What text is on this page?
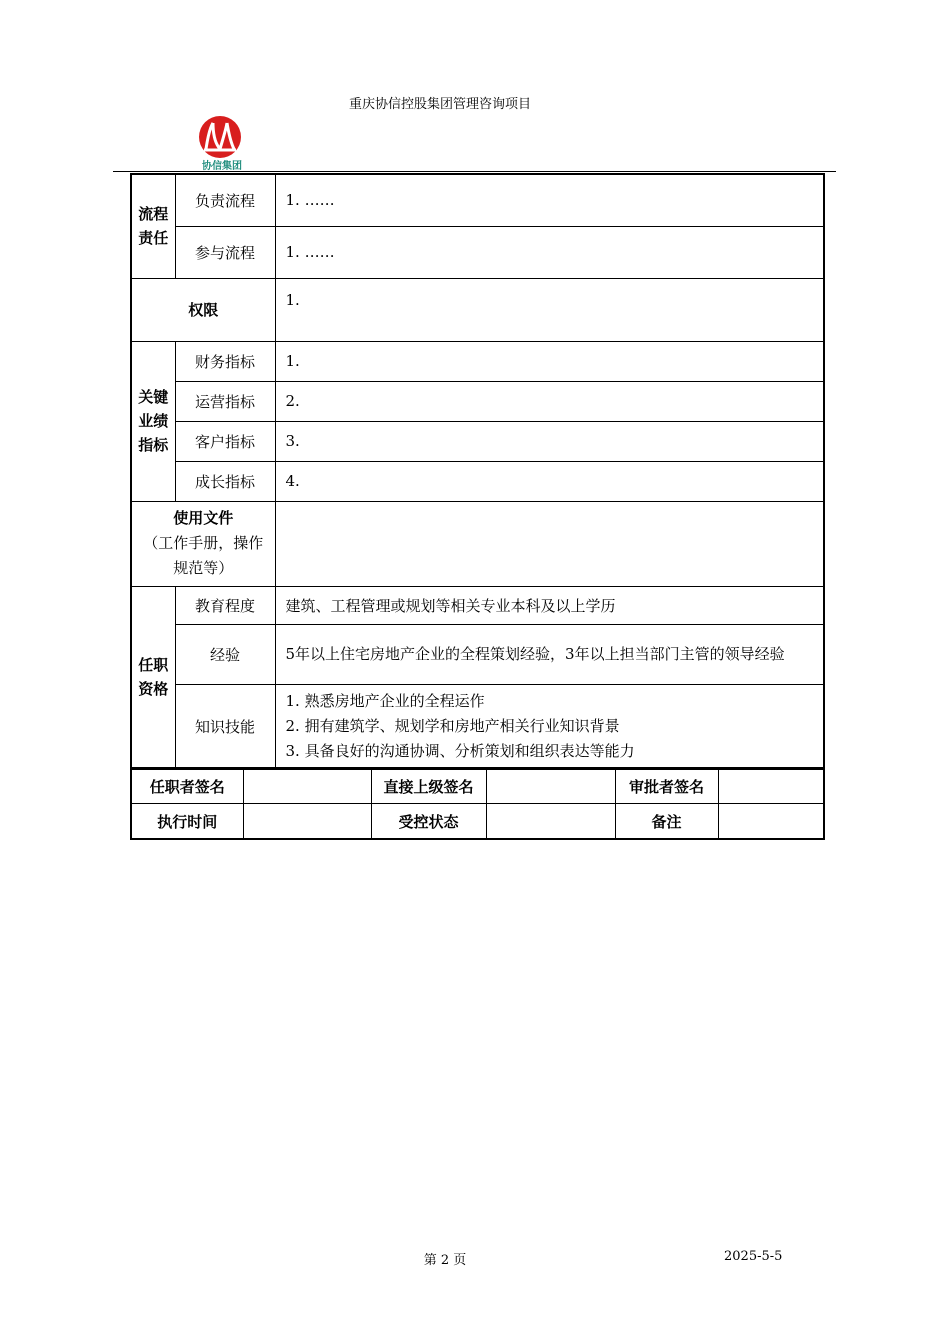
重庆协信控股集团管理咨询项目
协信集团
流程责任	负责流程	1. ……
	参与流程	1. ……
权限		1.
关键业绩指标	财务指标	1.
	运营指标	2.
	客户指标	3.
	成长指标	4.

使用文件
（工作手册，操作
规范等）		

任职资格	教育程度	建筑、工程管理或规划等相关专业本科及以上学历
	经验	5年以上住宅房地产企业的全程策划经验，3年以上担当部门主管的领导经验
	知识技能	1. 熟悉房地产企业的全程运作
2. 拥有建筑学、规划学和房地产相关行业知识背景
3. 具备良好的沟通协调、分析策划和组织表达等能力
任职者签名		直接上级签名		审批者签名	
执行时间		受控状态		备注	
第 2 页	2025-5-5
